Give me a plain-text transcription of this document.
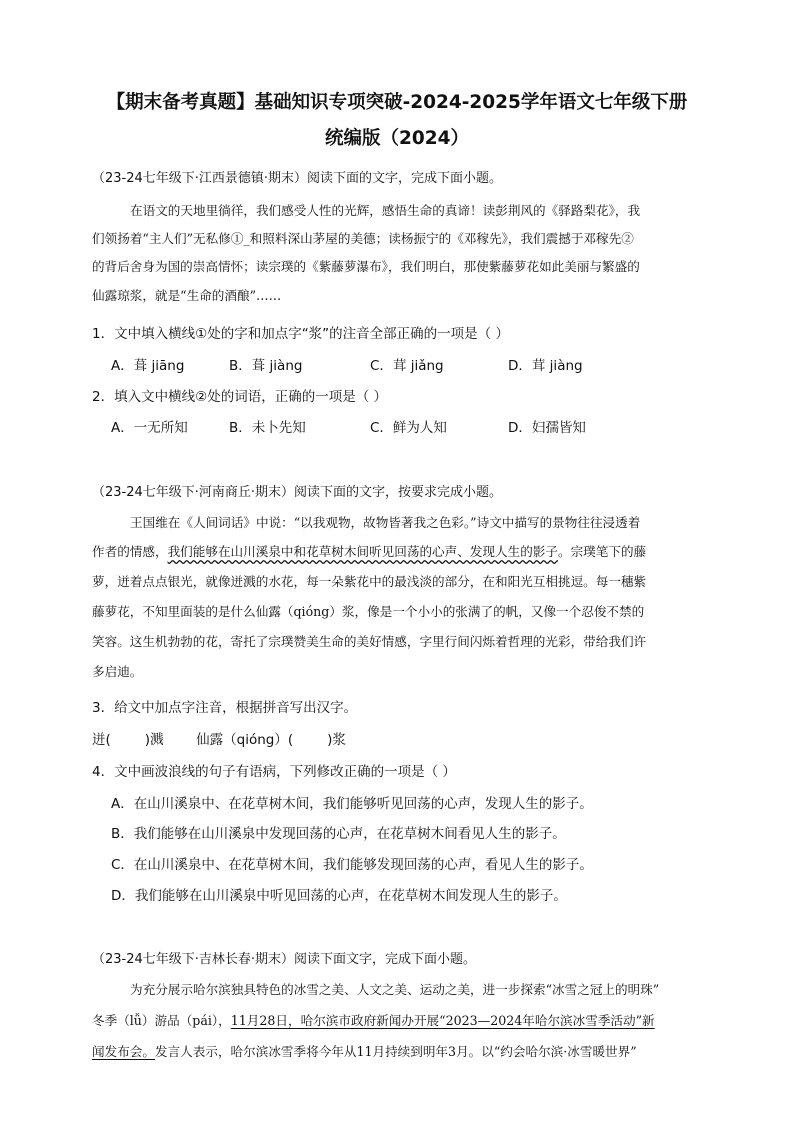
【期末备考真题】基础知识专项突破-2024-2025学年语文七年级下册
统编版（2024）
（23-24七年级下·江西景德镇·期末）阅读下面的文字，完成下面小题。
在语文的天地里徜徉，我们感受人性的光辉，感悟生命的真谛！读彭荆风的《驿路梨花》，我
们领扬着“主人们”无私修①_和照料深山茅屋的美德；读杨振宁的《邓稼先》，我们震撼于邓稼先②
的背后舍身为国的崇高情怀；读宗璞的《紫藤萝瀑布》，我们明白，那使紫藤萝花如此美丽与繁盛的
仙露琼浆，就是“生命的酒酿”……
1．文中填入横线①处的字和加点字“浆”的注音全部正确的一项是（ ）
A．葺 jiāng	B．葺 jiàng	C．茸 jiǎng	D．茸 jiàng
2．填入文中横线②处的词语，正确的一项是（ ）
A．一无所知	B．未卜先知	C．鲜为人知	D．妇孺皆知
（23-24七年级下·河南商丘·期末）阅读下面的文字，按要求完成小题。
王国维在《人间词话》中说：“以我观物，故物皆著我之色彩。”诗文中描写的景物往往浸透着
作者的情感，我们能够在山川溪泉中和花草树木间听见回荡的心声、发现人生的影子。宗璞笔下的藤
萝，迸着点点银光，就像迸溅的水花，每一朵紫花中的最浅淡的部分，在和阳光互相挑逗。每一穗紫
藤萝花，不知里面装的是什么仙露（qióng）浆，像是一个小小的张满了的帆，又像一个忍俊不禁的
笑容。这生机勃勃的花，寄托了宗璞赞美生命的美好情感，字里行间闪烁着哲理的光彩，带给我们许
多启迪。
3．给文中加点字注音，根据拼音写出汉字。
迸(	)溅 仙露（qióng）(	)浆
4．文中画波浪线的句子有语病，下列修改正确的一项是（ ）
A．在山川溪泉中、在花草树木间，我们能够听见回荡的心声，发现人生的影子。
B．我们能够在山川溪泉中发现回荡的心声，在花草树木间看见人生的影子。
C．在山川溪泉中、在花草树木间，我们能够发现回荡的心声，看见人生的影子。
D．我们能够在山川溪泉中听见回荡的心声，在花草树木间发现人生的影子。
（23-24七年级下·吉林长春·期末）阅读下面文字，完成下面小题。
为充分展示哈尔滨独具特色的冰雪之美、人文之美、运动之美，进一步探索“冰雪之冠上的明珠”
冬季（lǚ）游品（pái），11月28日，哈尔滨市政府新闻办开展“2023—2024年哈尔滨冰雪季活动”新
闻发布会。发言人表示，哈尔滨冰雪季将今年从11月持续到明年3月。以“约会哈尔滨·冰雪暖世界”
